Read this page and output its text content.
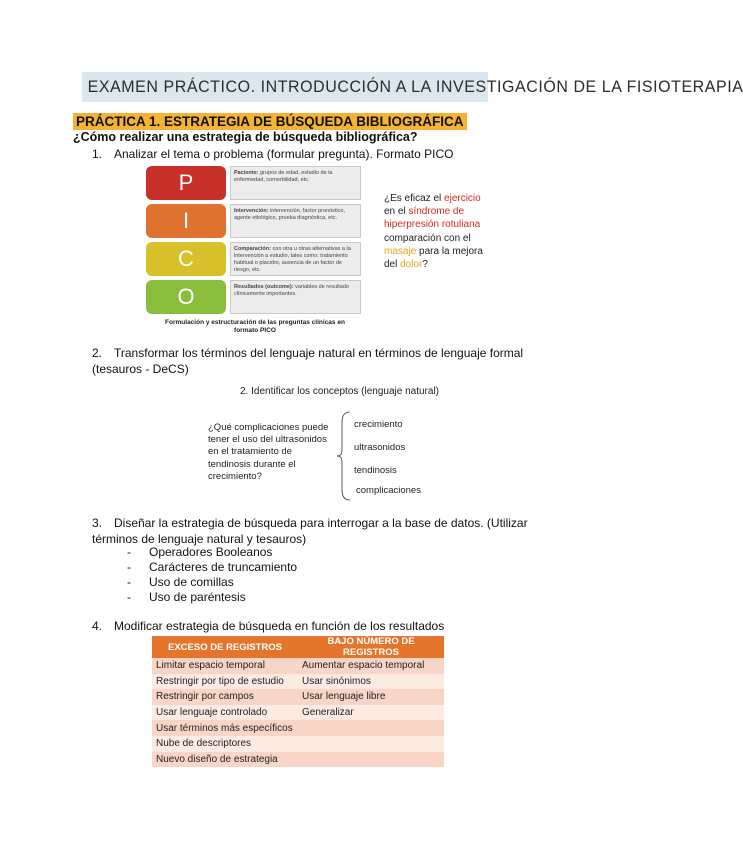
EXAMEN PRÁCTICO. INTRODUCCIÓN A LA INVESTIGACIÓN DE LA FISIOTERAPIA
PRÁCTICA 1. ESTRATEGIA DE BÚSQUEDA BIBLIOGRÁFICA
¿Cómo realizar una estrategia de búsqueda bibliográfica?
1. Analizar el tema o problema (formular pregunta). Formato PICO
P	Paciente: grupos de edad, estadio de la enfermedad, comorbilidad, etc.
I	Intervención: intervención, factor pronóstico, agente etiológico, prueba diagnóstica, etc.
C	Comparación: con otra u otras alternativas a la intervención a estudio, tales como: tratamiento habitual o placebo, ausencia de un factor de riesgo, etc.
O	Resultados (outcome): variables de resultado clínicamente importantes.
Formulación y estructuración de las preguntas clínicas en formato PICO
¿Es eficaz el ejercicio en el síndrome de hiperpresión rotuliana comparación con el masaje para la mejora del dolor?
2. Transformar los términos del lenguaje natural en términos de lenguaje formal
(tesauros - DeCS)
2. Identificar los conceptos (lenguaje natural)
¿Qué complicaciones puede tener el uso del ultrasonidos en el tratamiento de tendinosis durante el crecimiento?
crecimiento
ultrasonidos
tendinosis
complicaciones
3. Diseñar la estrategia de búsqueda para interrogar a la base de datos. (Utilizar
términos de lenguaje natural y tesauros)
- Operadores Booleanos
- Carácteres de truncamiento
- Uso de comillas
- Uso de paréntesis
4. Modificar estrategia de búsqueda en función de los resultados
EXCESO DE REGISTROS	BAJO NÚMERO DE REGISTROS
Limitar espacio temporal	Aumentar espacio temporal
Restringir por tipo de estudio	Usar sinónimos
Restringir por campos	Usar lenguaje libre
Usar lenguaje controlado	Generalizar
Usar términos más específicos	
Nube de descriptores	
Nuevo diseño de estrategia	
